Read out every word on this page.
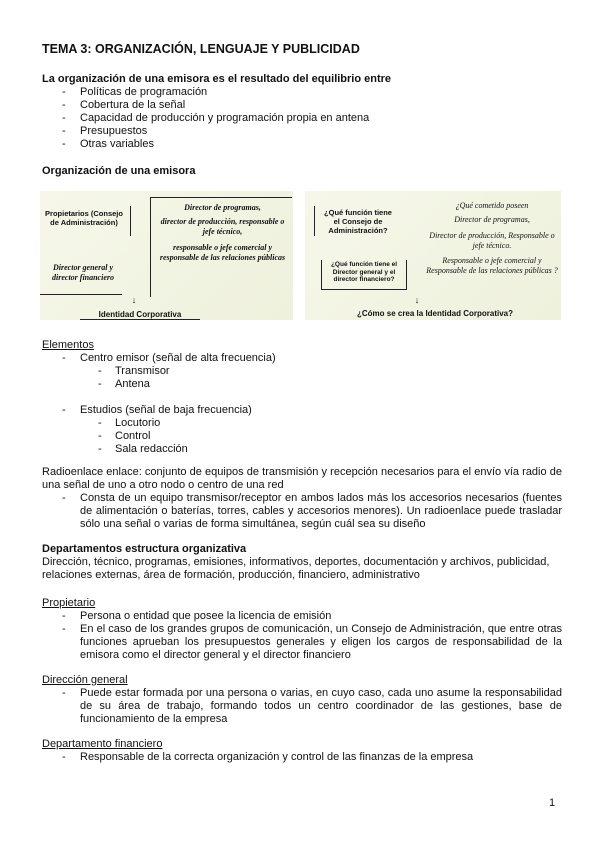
TEMA 3: ORGANIZACIÓN, LENGUAJE Y PUBLICIDAD
La organización de una emisora es el resultado del equilibrio entre
- Políticas de programación
- Cobertura de la señal
- Capacidad de producción y programación propia en antena
- Presupuestos
- Otras variables
Organización de una emisora
Propietarios (Consejo de Administración)
Director general y director financiero
Director de programas,
director de producción, responsable o jefe técnico,
responsable o jefe comercial y responsable de las relaciones públicas
↓
Identidad Corporativa
¿Qué función tiene el Consejo de Administración?
¿Qué función tiene el Director general y el director financiero?
¿Qué cometido poseen
Director de programas,
Director de producción, Responsable o jefe técnico.
Responsable o jefe comercial y Responsable de las relaciones públicas ?
↓
¿Cómo se crea la Identidad Corporativa?
Elementos
- Centro emisor (señal de alta frecuencia)
- Transmisor
- Antena
- Estudios (señal de baja frecuencia)
- Locutorio
- Control
- Sala redacción
Radioenlace enlace: conjunto de equipos de transmisión y recepción necesarios para el envío vía radio de una señal de uno a otro nodo o centro de una red
- Consta de un equipo transmisor/receptor en ambos lados más los accesorios necesarios (fuentes de alimentación o baterías, torres, cables y accesorios menores). Un radioenlace puede trasladar sólo una señal o varias de forma simultánea, según cuál sea su diseño
Departamentos estructura organizativa
Dirección, técnico, programas, emisiones, informativos, deportes, documentación y archivos, publicidad, relaciones externas, área de formación, producción, financiero, administrativo
Propietario
- Persona o entidad que posee la licencia de emisión
- En el caso de los grandes grupos de comunicación, un Consejo de Administración, que entre otras funciones aprueban los presupuestos generales y eligen los cargos de responsabilidad de la emisora como el director general y el director financiero
Dirección general
- Puede estar formada por una persona o varias, en cuyo caso, cada uno asume la responsabilidad de su área de trabajo, formando todos un centro coordinador de las gestiones, base de funcionamiento de la empresa
Departamento financiero
- Responsable de la correcta organización y control de las finanzas de la empresa
1
